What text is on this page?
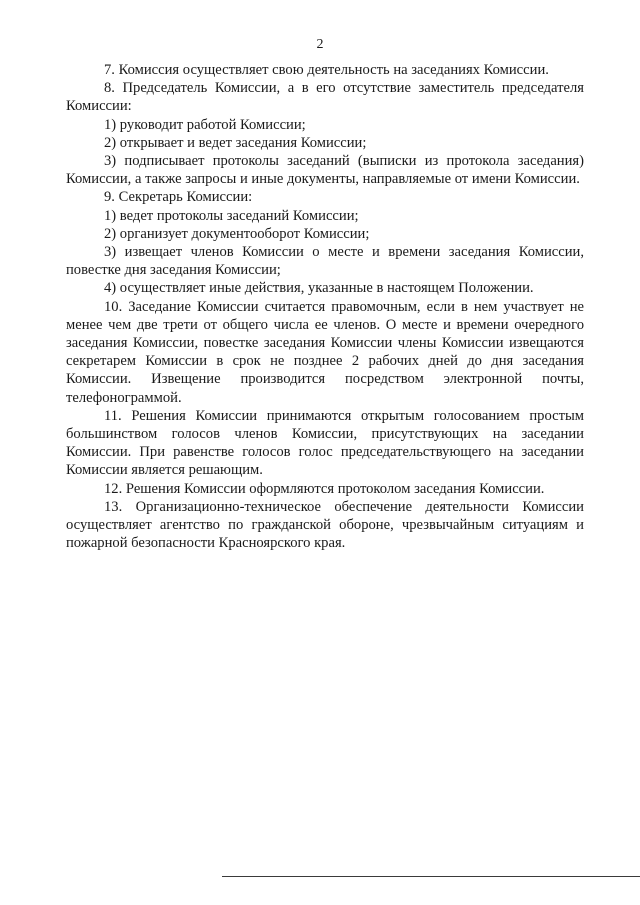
2

7. Комиссия осуществляет свою деятельность на заседаниях Комиссии.

8. Председатель Комиссии, а в его отсутствие заместитель председателя Комиссии:

1) руководит работой Комиссии;

2) открывает и ведет заседания Комиссии;

3) подписывает протоколы заседаний (выписки из протокола заседания) Комиссии, а также запросы и иные документы, направляемые от имени Комиссии.

9. Секретарь Комиссии:

1) ведет протоколы заседаний Комиссии;

2) организует документооборот Комиссии;

3) извещает членов Комиссии о месте и времени заседания Комиссии, повестке дня заседания Комиссии;

4) осуществляет иные действия, указанные в настоящем Положении.

10. Заседание Комиссии считается правомочным, если в нем участвует не менее чем две трети от общего числа ее членов. О месте и времени очередного заседания Комиссии, повестке заседания Комиссии члены Комиссии извещаются секретарем Комиссии в срок не позднее 2 рабочих дней до дня заседания Комиссии. Извещение производится посредством электронной почты, телефонограммой.

11. Решения Комиссии принимаются открытым голосованием простым большинством голосов членов Комиссии, присутствующих на заседании Комиссии. При равенстве голосов голос председательствующего на заседании Комиссии является решающим.

12. Решения Комиссии оформляются протоколом заседания Комиссии.

13. Организационно-техническое обеспечение деятельности Комиссии осуществляет агентство по гражданской обороне, чрезвычайным ситуациям и пожарной безопасности Красноярского края.
